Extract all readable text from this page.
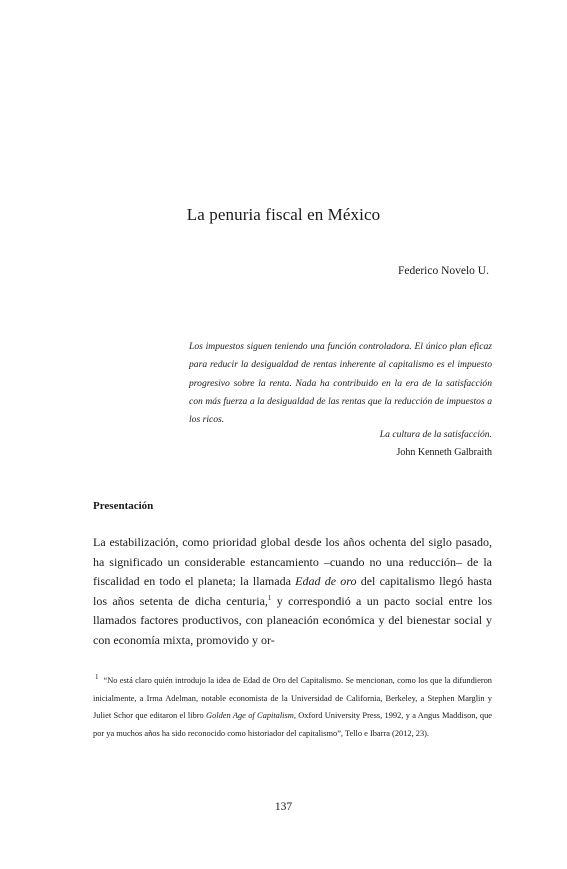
La penuria fiscal en México
Federico Novelo U.
Los impuestos siguen teniendo una función controladora. El único plan eficaz para reducir la desigualdad de rentas inherente al capitalismo es el impuesto progresivo sobre la renta. Nada ha contribuido en la era de la satisfacción con más fuerza a la desigualdad de las rentas que la reducción de impuestos a los ricos.
La cultura de la satisfacción.
John Kenneth Galbraith
Presentación
La estabilización, como prioridad global desde los años ochenta del siglo pasado, ha significado un considerable estancamiento –cuando no una reducción– de la fiscalidad en todo el planeta; la llamada Edad de oro del capitalismo llegó hasta los años setenta de dicha centuria,$^1$ y correspondió a un pacto social entre los llamados factores productivos, con planeación económica y del bienestar social y con economía mixta, promovido y or-
$^1$ “No está claro quién introdujo la idea de Edad de Oro del Capitalismo. Se mencionan, como los que la difundieron inicialmente, a Irma Adelman, notable economista de la Universidad de California, Berkeley, a Stephen Marglin y Juliet Schor que editaron el libro Golden Age of Capitalism, Oxford University Press, 1992, y a Angus Maddison, que por ya muchos años ha sido reconocido como historiador del capitalismo”, Tello e Ibarra (2012, 23).
137
